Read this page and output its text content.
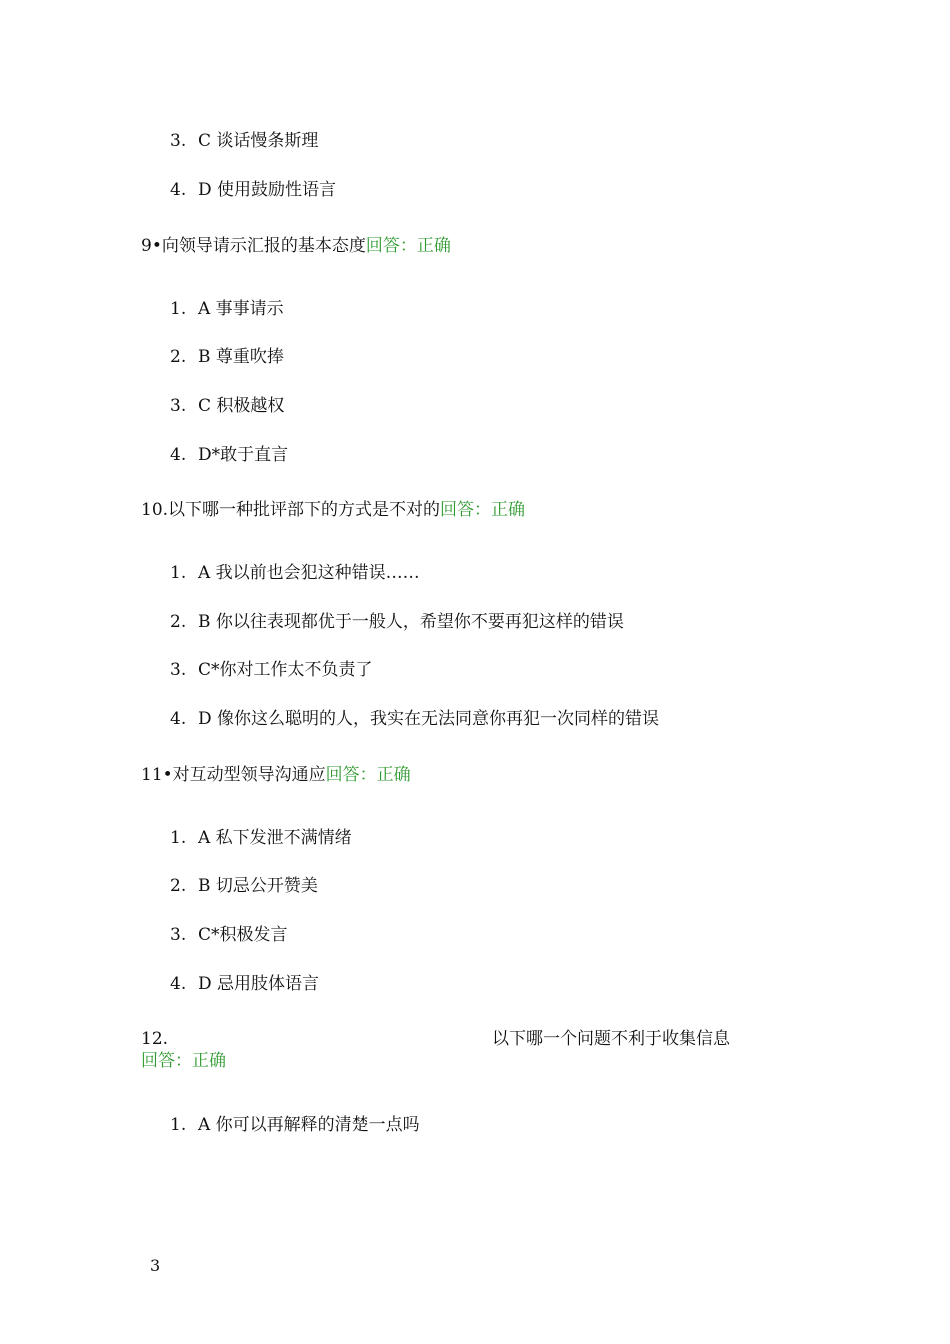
3. C 谈话慢条斯理
4. D 使用鼓励性语言
9•向领导请示汇报的基本态度回答：正确
1. A 事事请示
2. B 尊重吹捧
3. C 积极越权
4. D*敢于直言
10.以下哪一种批评部下的方式是不对的回答：正确
1. A 我以前也会犯这种错误……
2. B 你以往表现都优于一般人，希望你不要再犯这样的错误
3. C*你对工作太不负责了
4. D 像你这么聪明的人，我实在无法同意你再犯一次同样的错误
11•对互动型领导沟通应回答：正确
1. A 私下发泄不满情绪
2. B 切忌公开赞美
3. C*积极发言
4. D 忌用肢体语言
12.	以下哪一个问题不利于收集信息
回答：正确
1. A 你可以再解释的清楚一点吗
3
